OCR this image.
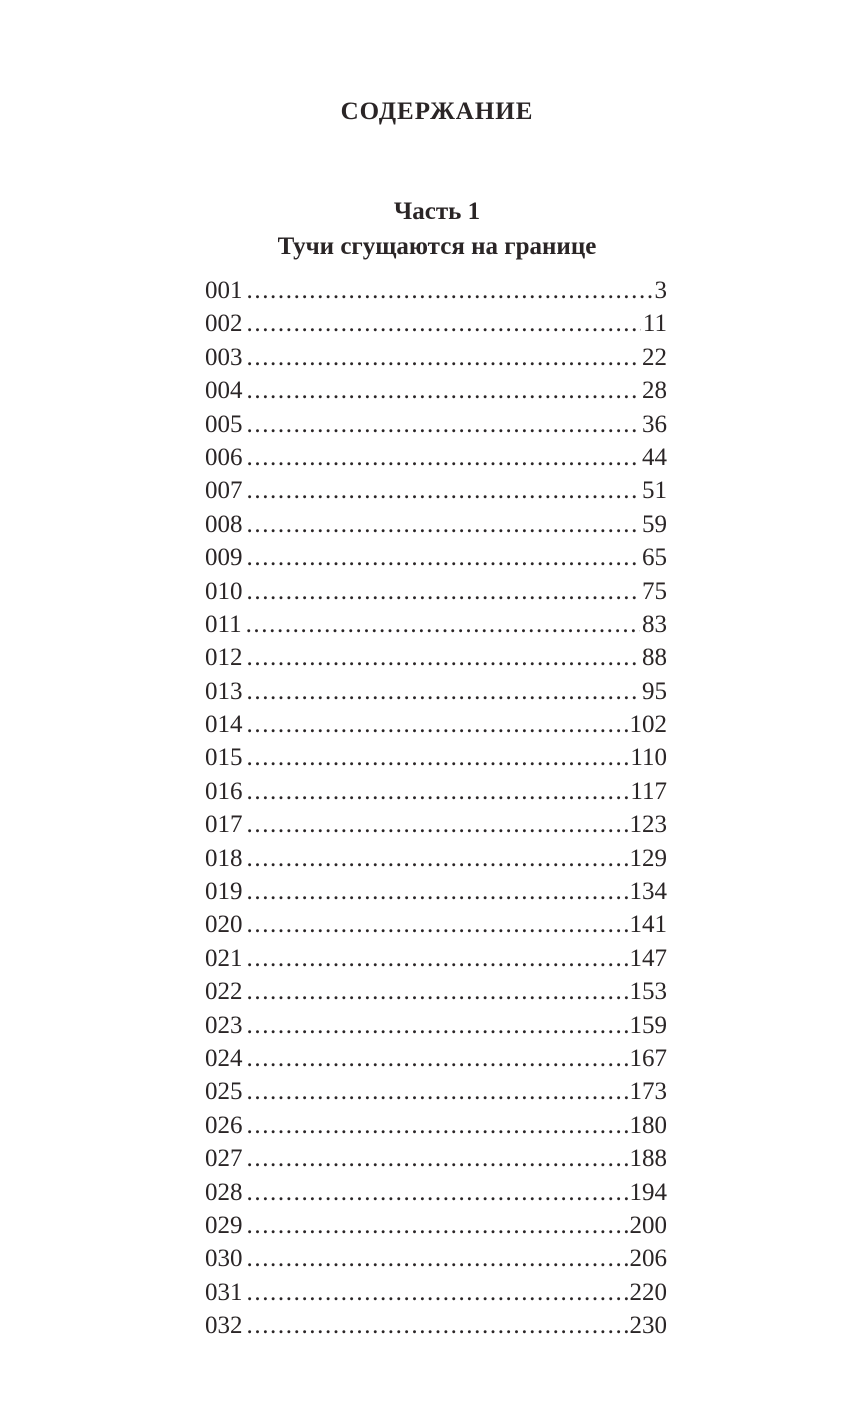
СОДЕРЖАНИЕ
Часть 1
Тучи сгущаются на границе
001 .....	3
002 .....	11
003 .....	22
004 .....	28
005 .....	36
006 .....	44
007 .....	51
008 .....	59
009 .....	65
010 .....	75
011 .....	83
012 .....	88
013 .....	95
014 .....	102
015 .....	110
016 .....	117
017 .....	123
018 .....	129
019 .....	134
020 .....	141
021 .....	147
022 .....	153
023 .....	159
024 .....	167
025 .....	173
026 .....	180
027 .....	188
028 .....	194
029 .....	200
030 .....	206
031 .....	220
032 .....	230
